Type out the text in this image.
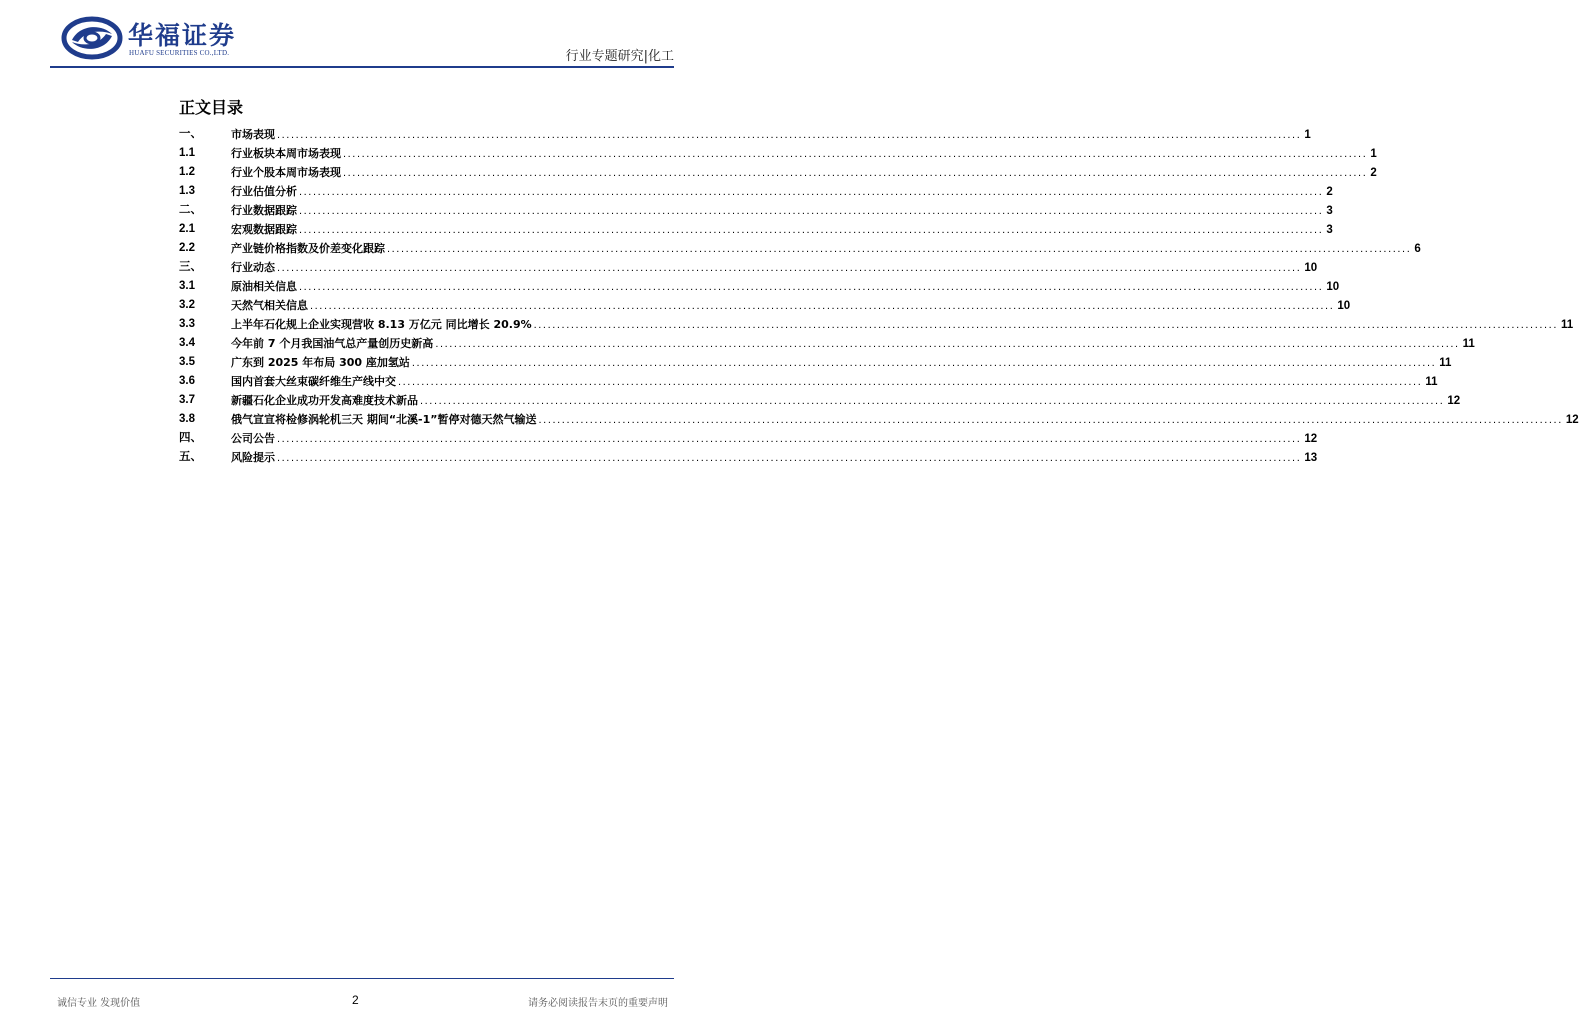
华福证券
HUAFU SECURITIES CO.,LTD.	行业专题研究|化工
正文目录
一、	市场表现 ............................................................................................................................................................................................................................ 1
1.1	行业板块本周市场表现 ............................................................................................................................................................................................................................ 1
1.2	行业个股本周市场表现 ............................................................................................................................................................................................................................ 2
1.3	行业估值分析 ............................................................................................................................................................................................................................ 2
二、	行业数据跟踪 ............................................................................................................................................................................................................................ 3
2.1	宏观数据跟踪 ............................................................................................................................................................................................................................ 3
2.2	产业链价格指数及价差变化跟踪 ............................................................................................................................................................................................................................ 6
三、	行业动态 ............................................................................................................................................................................................................................ 10
3.1	原油相关信息 ............................................................................................................................................................................................................................ 10
3.2	天然气相关信息 ............................................................................................................................................................................................................................ 10
3.3	上半年石化规上企业实现营收 8.13 万亿元 同比增长 20.9% ............................................................................................................................................................................................................................ 11
3.4	今年前 7 个月我国油气总产量创历史新高 ............................................................................................................................................................................................................................ 11
3.5	广东到 2025 年布局 300 座加氢站 ............................................................................................................................................................................................................................ 11
3.6	国内首套大丝束碳纤维生产线中交 ............................................................................................................................................................................................................................ 11
3.7	新疆石化企业成功开发高难度技术新品 ............................................................................................................................................................................................................................ 12
3.8	俄气宣宣将检修涡轮机三天 期间“北溪-1”暂停对德天然气输送 ............................................................................................................................................................................................................................ 12
四、	公司公告 ............................................................................................................................................................................................................................ 12
五、	风险提示 ............................................................................................................................................................................................................................ 13
诚信专业 发现价值	2	请务必阅读报告末页的重要声明
